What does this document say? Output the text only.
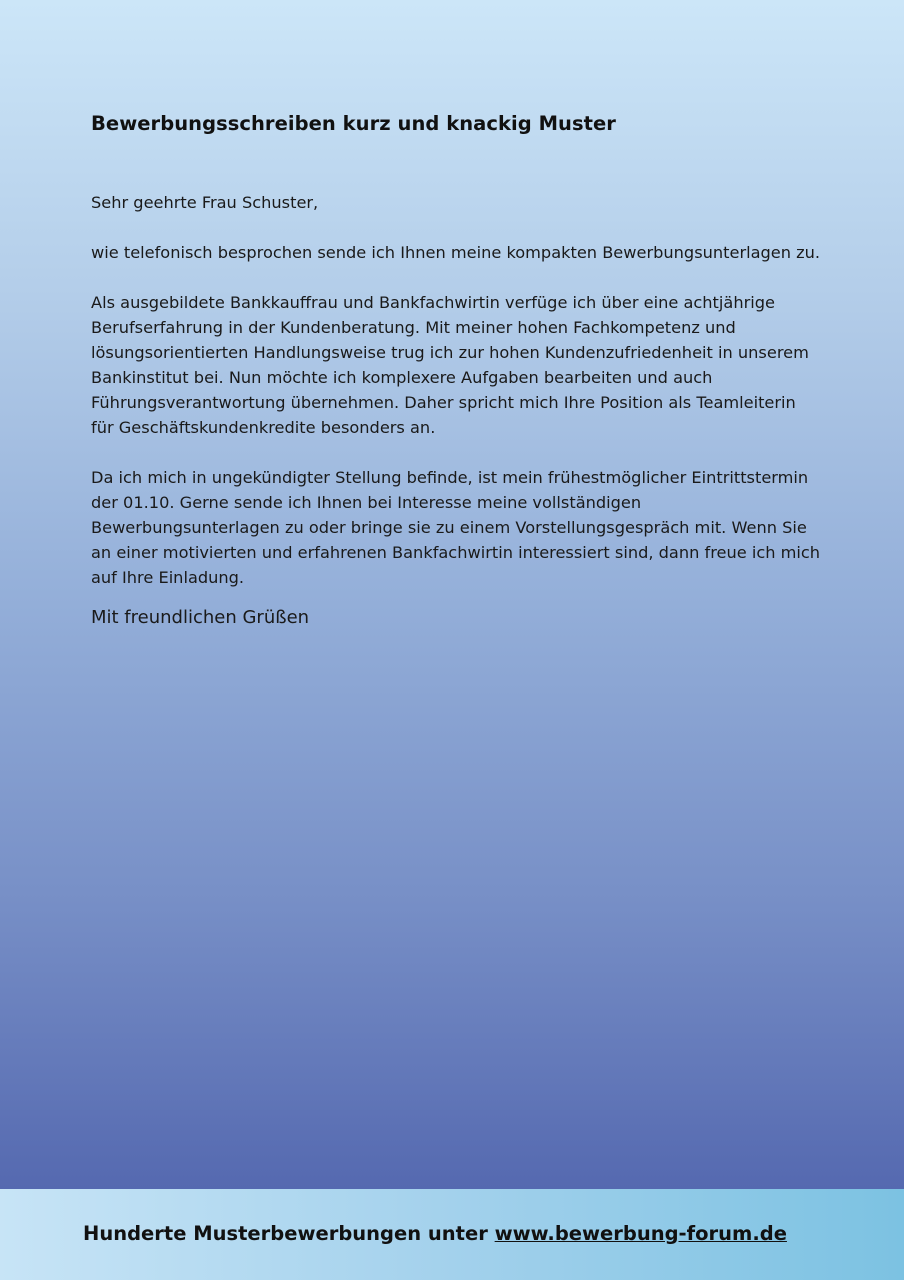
Bewerbungsschreiben kurz und knackig Muster

Sehr geehrte Frau Schuster,

wie telefonisch besprochen sende ich Ihnen meine kompakten Bewerbungsunterlagen zu.

Als ausgebildete Bankkauffrau und Bankfachwirtin verfüge ich über eine achtjährige Berufserfahrung in der Kundenberatung. Mit meiner hohen Fachkompetenz und lösungsorientierten Handlungsweise trug ich zur hohen Kundenzufriedenheit in unserem Bankinstitut bei. Nun möchte ich komplexere Aufgaben bearbeiten und auch Führungsverantwortung übernehmen. Daher spricht mich Ihre Position als Teamleiterin für Geschäftskundenkredite besonders an.

Da ich mich in ungekündigter Stellung befinde, ist mein frühestmöglicher Eintrittstermin der 01.10. Gerne sende ich Ihnen bei Interesse meine vollständigen Bewerbungsunterlagen zu oder bringe sie zu einem Vorstellungsgespräch mit. Wenn Sie an einer motivierten und erfahrenen Bankfachwirtin interessiert sind, dann freue ich mich auf Ihre Einladung.

Mit freundlichen Grüßen

Hunderte Musterbewerbungen unter www.bewerbung-forum.de
